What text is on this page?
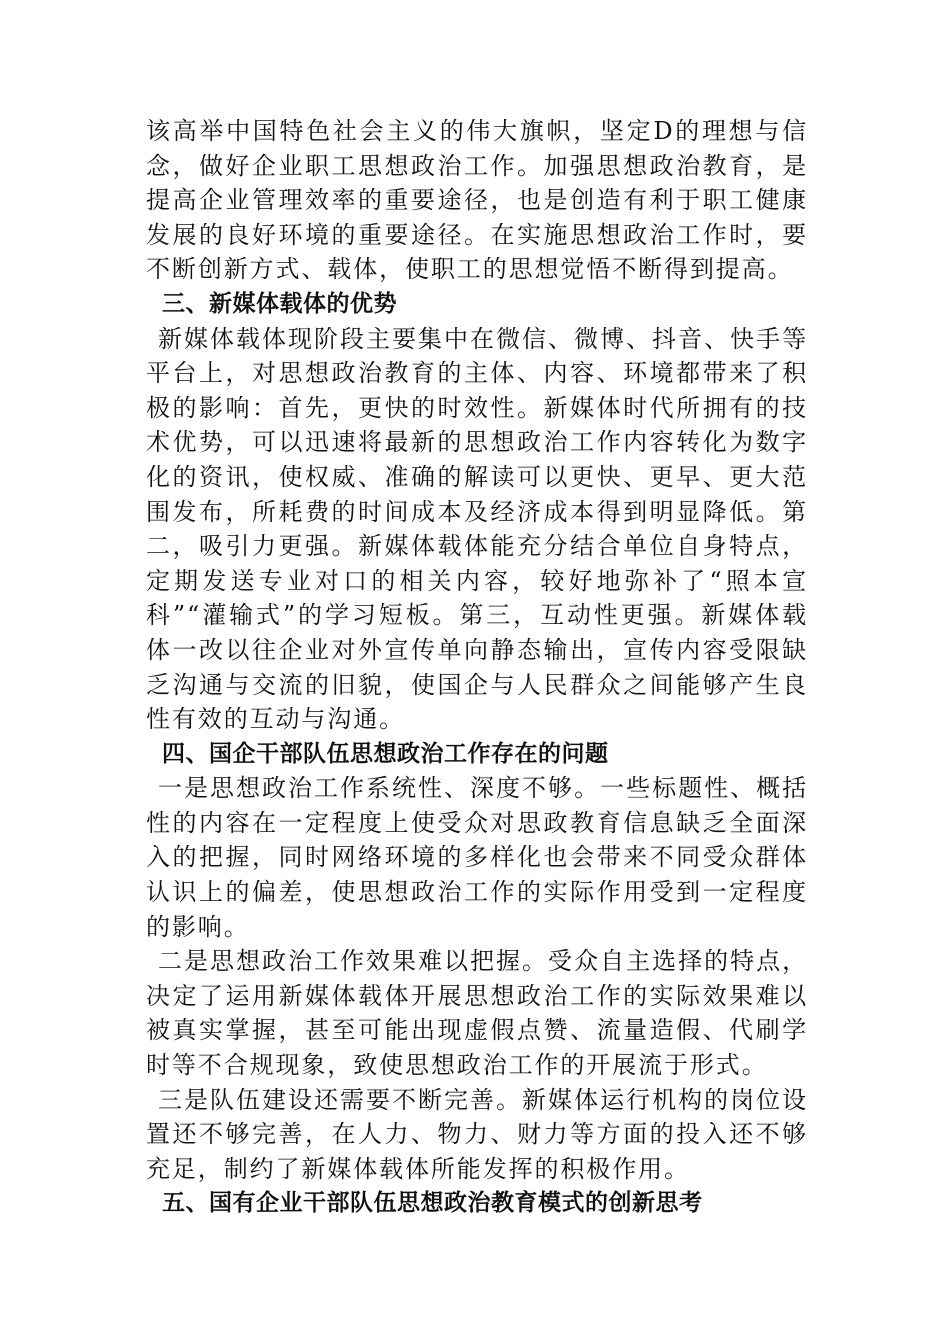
该高举中国特色社会主义的伟大旗帜，坚定D的理想与信念，做好企业职工思想政治工作。加强思想政治教育，是提高企业管理效率的重要途径，也是创造有利于职工健康发展的良好环境的重要途径。在实施思想政治工作时，要不断创新方式、载体，使职工的思想觉悟不断得到提高。

三、新媒体载体的优势

新媒体载体现阶段主要集中在微信、微博、抖音、快手等平台上，对思想政治教育的主体、内容、环境都带来了积极的影响：首先，更快的时效性。新媒体时代所拥有的技术优势，可以迅速将最新的思想政治工作内容转化为数字化的资讯，使权威、准确的解读可以更快、更早、更大范围发布，所耗费的时间成本及经济成本得到明显降低。第二，吸引力更强。新媒体载体能充分结合单位自身特点，定期发送专业对口的相关内容，较好地弥补了“照本宣科”“灌输式”的学习短板。第三，互动性更强。新媒体载体一改以往企业对外宣传单向静态输出，宣传内容受限缺乏沟通与交流的旧貌，使国企与人民群众之间能够产生良性有效的互动与沟通。

四、国企干部队伍思想政治工作存在的问题

一是思想政治工作系统性、深度不够。一些标题性、概括性的内容在一定程度上使受众对思政教育信息缺乏全面深入的把握，同时网络环境的多样化也会带来不同受众群体认识上的偏差，使思想政治工作的实际作用受到一定程度的影响。

二是思想政治工作效果难以把握。受众自主选择的特点，决定了运用新媒体载体开展思想政治工作的实际效果难以被真实掌握，甚至可能出现虚假点赞、流量造假、代刷学时等不合规现象，致使思想政治工作的开展流于形式。

三是队伍建设还需要不断完善。新媒体运行机构的岗位设置还不够完善，在人力、物力、财力等方面的投入还不够充足，制约了新媒体载体所能发挥的积极作用。

五、国有企业干部队伍思想政治教育模式的创新思考
